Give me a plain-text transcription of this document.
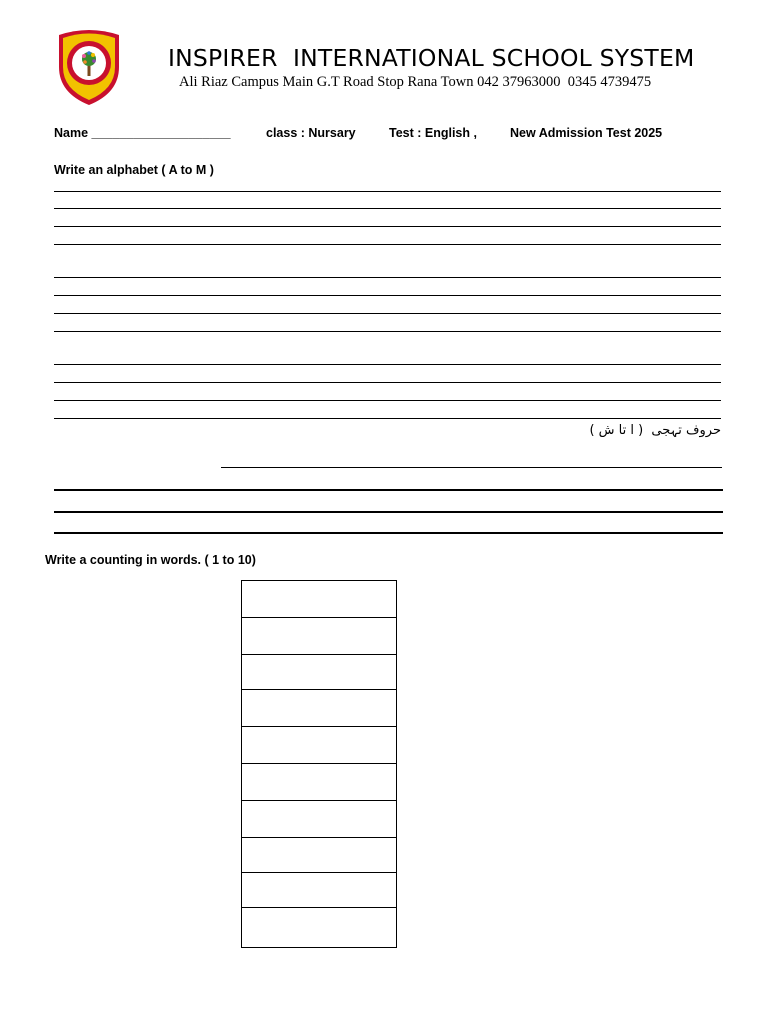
INSPIRER  INTERNATIONAL SCHOOL SYSTEM
Ali Riaz Campus Main G.T Road Stop Rana Town 042 37963000  0345 4739475
Name ____________________	class : Nursary	Test : English ,	New Admission Test 2025
Write an alphabet ( A to M )
حروف تہجی  ( ا تا ش )
Write a counting in words. ( 1 to 10)
